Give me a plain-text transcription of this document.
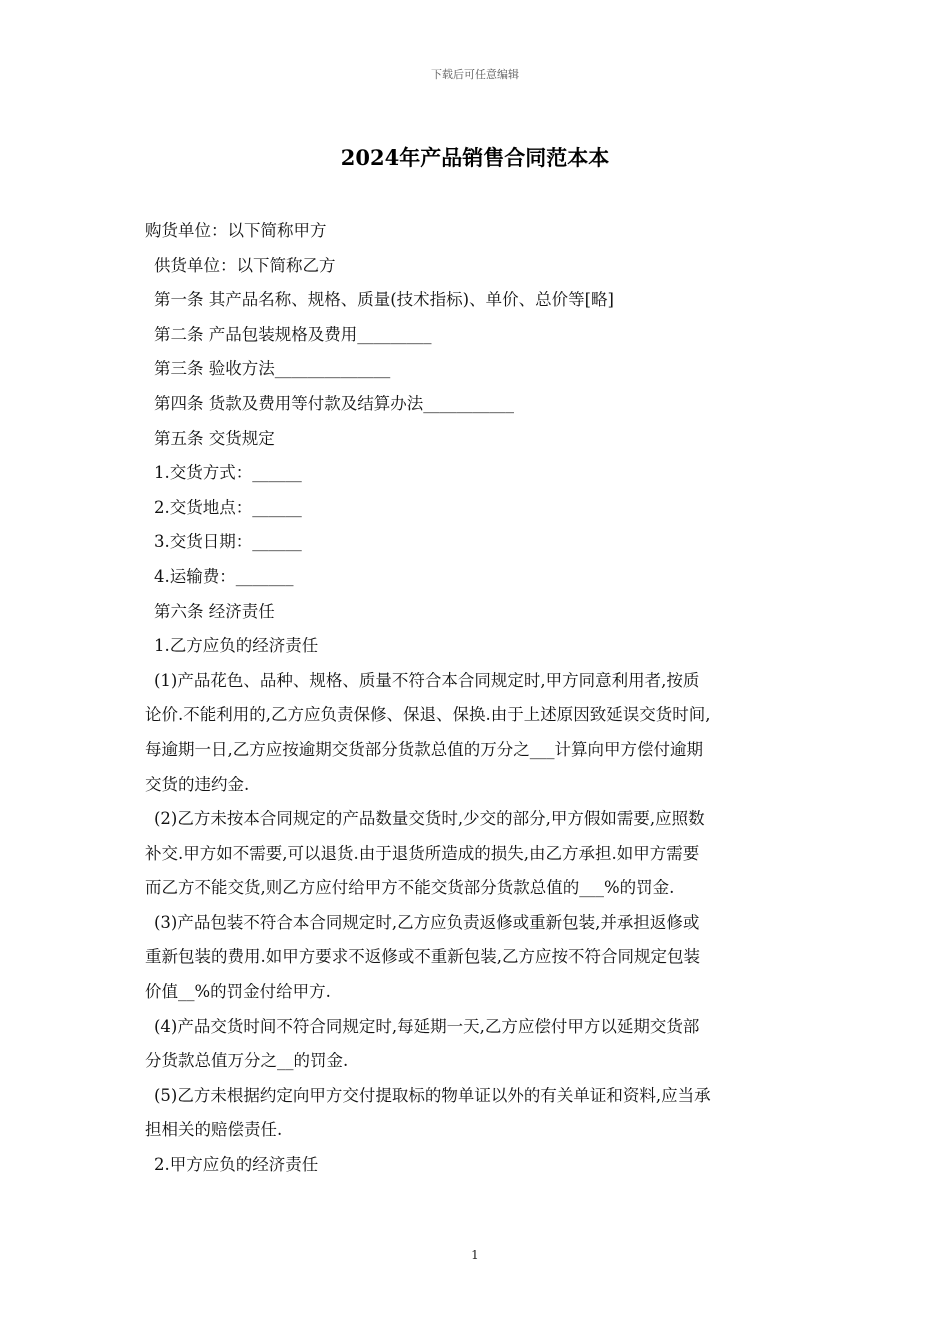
下载后可任意编辑
2024年产品销售合同范本本
购货单位：以下简称甲方
供货单位：以下简称乙方
第一条 其产品名称、规格、质量(技术指标)、单价、总价等[略]
第二条 产品包装规格及费用_________
第三条 验收方法______________
第四条 货款及费用等付款及结算办法___________
第五条 交货规定
1.交货方式：______
2.交货地点：______
3.交货日期：______
4.运输费：_______
第六条 经济责任
1.乙方应负的经济责任
(1)产品花色、品种、规格、质量不符合本合同规定时,甲方同意利用者,按质
论价.不能利用的,乙方应负责保修、保退、保换.由于上述原因致延误交货时间,
每逾期一日,乙方应按逾期交货部分货款总值的万分之___计算向甲方偿付逾期
交货的违约金.
(2)乙方未按本合同规定的产品数量交货时,少交的部分,甲方假如需要,应照数
补交.甲方如不需要,可以退货.由于退货所造成的损失,由乙方承担.如甲方需要
而乙方不能交货,则乙方应付给甲方不能交货部分货款总值的___%的罚金.
(3)产品包装不符合本合同规定时,乙方应负责返修或重新包装,并承担返修或
重新包装的费用.如甲方要求不返修或不重新包装,乙方应按不符合同规定包装
价值__%的罚金付给甲方.
(4)产品交货时间不符合同规定时,每延期一天,乙方应偿付甲方以延期交货部
分货款总值万分之__的罚金.
(5)乙方未根据约定向甲方交付提取标的物单证以外的有关单证和资料,应当承
担相关的赔偿责任.
2.甲方应负的经济责任
1
